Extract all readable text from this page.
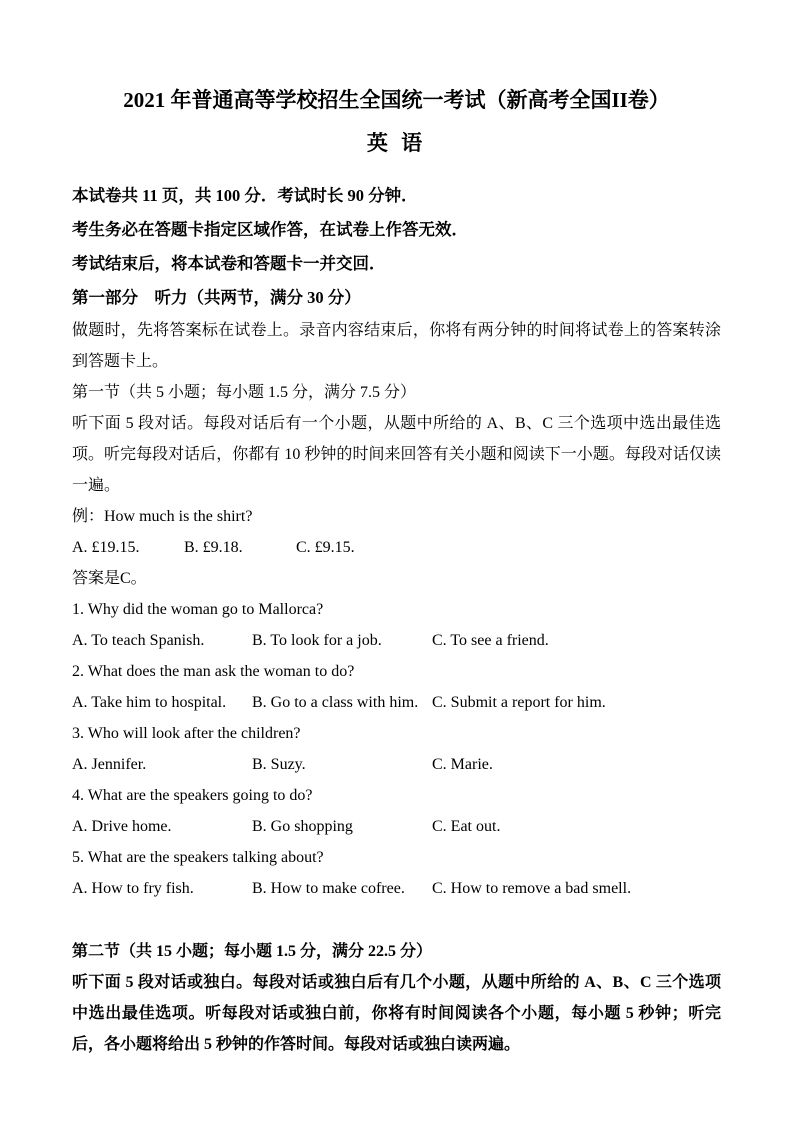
2021 年普通高等学校招生全国统一考试（新高考全国II卷）
英 语

本试卷共 11 页，共 100 分．考试时长 90 分钟．

考生务必在答题卡指定区域作答，在试卷上作答无效．

考试结束后，将本试卷和答题卡一并交回．

第一部分　听力（共两节，满分 30 分）

做题时，先将答案标在试卷上。录音内容结束后，你将有两分钟的时间将试卷上的答案转涂到答题卡上。

第一节（共 5 小题；每小题 1.5 分，满分 7.5 分）

听下面 5 段对话。每段对话后有一个小题，从题中所给的 A、B、C 三个选项中选出最佳选项。听完每段对话后，你都有 10 秒钟的时间来回答有关小题和阅读下一小题。每段对话仅读一遍。

例：How much is the shirt?

A. £19.15.	B. £9.18.	C. £9.15.

答案是C。

1. Why did the woman go to Mallorca?

A. To teach Spanish.	B. To look for a job.	C. To see a friend.

2. What does the man ask the woman to do?

A. Take him to hospital. B. Go to a class with him. C. Submit a report for him.

3. Who will look after the children?

A. Jennifer.	B. Suzy.	C. Marie.

4. What are the speakers going to do?

A. Drive home.	B. Go shopping	C. Eat out.

5. What are the speakers talking about?

A. How to fry fish.	B. How to make cofree. C. How to remove a bad smell.

第二节（共 15 小题；每小题 1.5 分，满分 22.5 分）

听下面 5 段对话或独白。每段对话或独白后有几个小题，从题中所给的 A、B、C 三个选项中选出最佳选项。听每段对话或独白前，你将有时间阅读各个小题，每小题 5 秒钟；听完后，各小题将给出 5 秒钟的作答时间。每段对话或独白读两遍。
